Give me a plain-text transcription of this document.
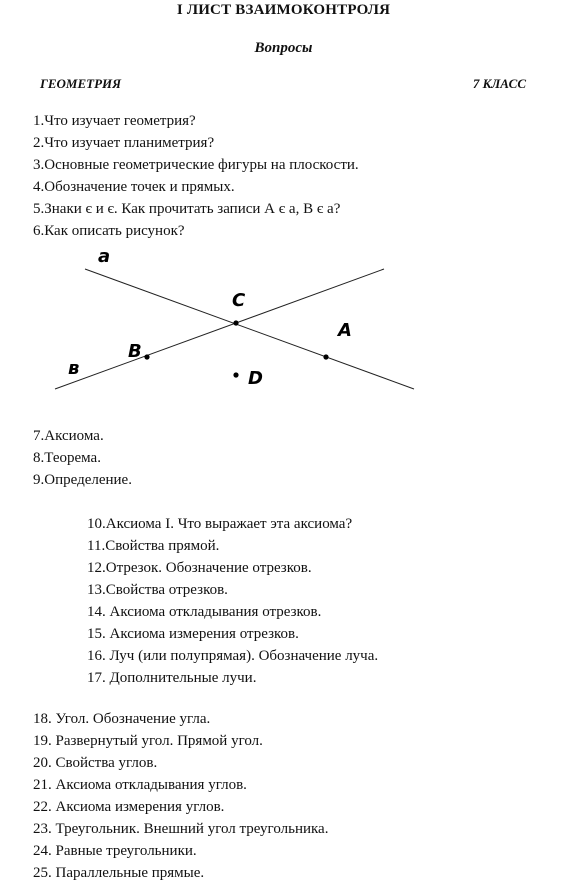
I ЛИСТ ВЗАИМОКОНТРОЛЯ
Вопросы
ГЕОМЕТРИЯ	7 КЛАСС
1.Что изучает геометрия?
2.Что изучает планиметрия?
3.Основные геометрические фигуры на плоскости.
4.Обозначение точек и прямых.
5.Знаки є и є. Как прочитать записи А є а, В є а?
6.Как описать рисунок?
а
в
C
A
B
D
7.Аксиома.
8.Теорема.
9.Определение.
10.Аксиома I. Что выражает эта аксиома?
11.Свойства прямой.
12.Отрезок. Обозначение отрезков.
13.Свойства отрезков.
14. Аксиома откладывания отрезков.
15. Аксиома измерения отрезков.
16. Луч (или полупрямая). Обозначение луча.
17. Дополнительные лучи.
18. Угол. Обозначение угла.
19. Развернутый угол. Прямой угол.
20. Свойства углов.
21. Аксиома откладывания углов.
22. Аксиома измерения углов.
23. Треугольник. Внешний угол треугольника.
24. Равные треугольники.
25. Параллельные прямые.
